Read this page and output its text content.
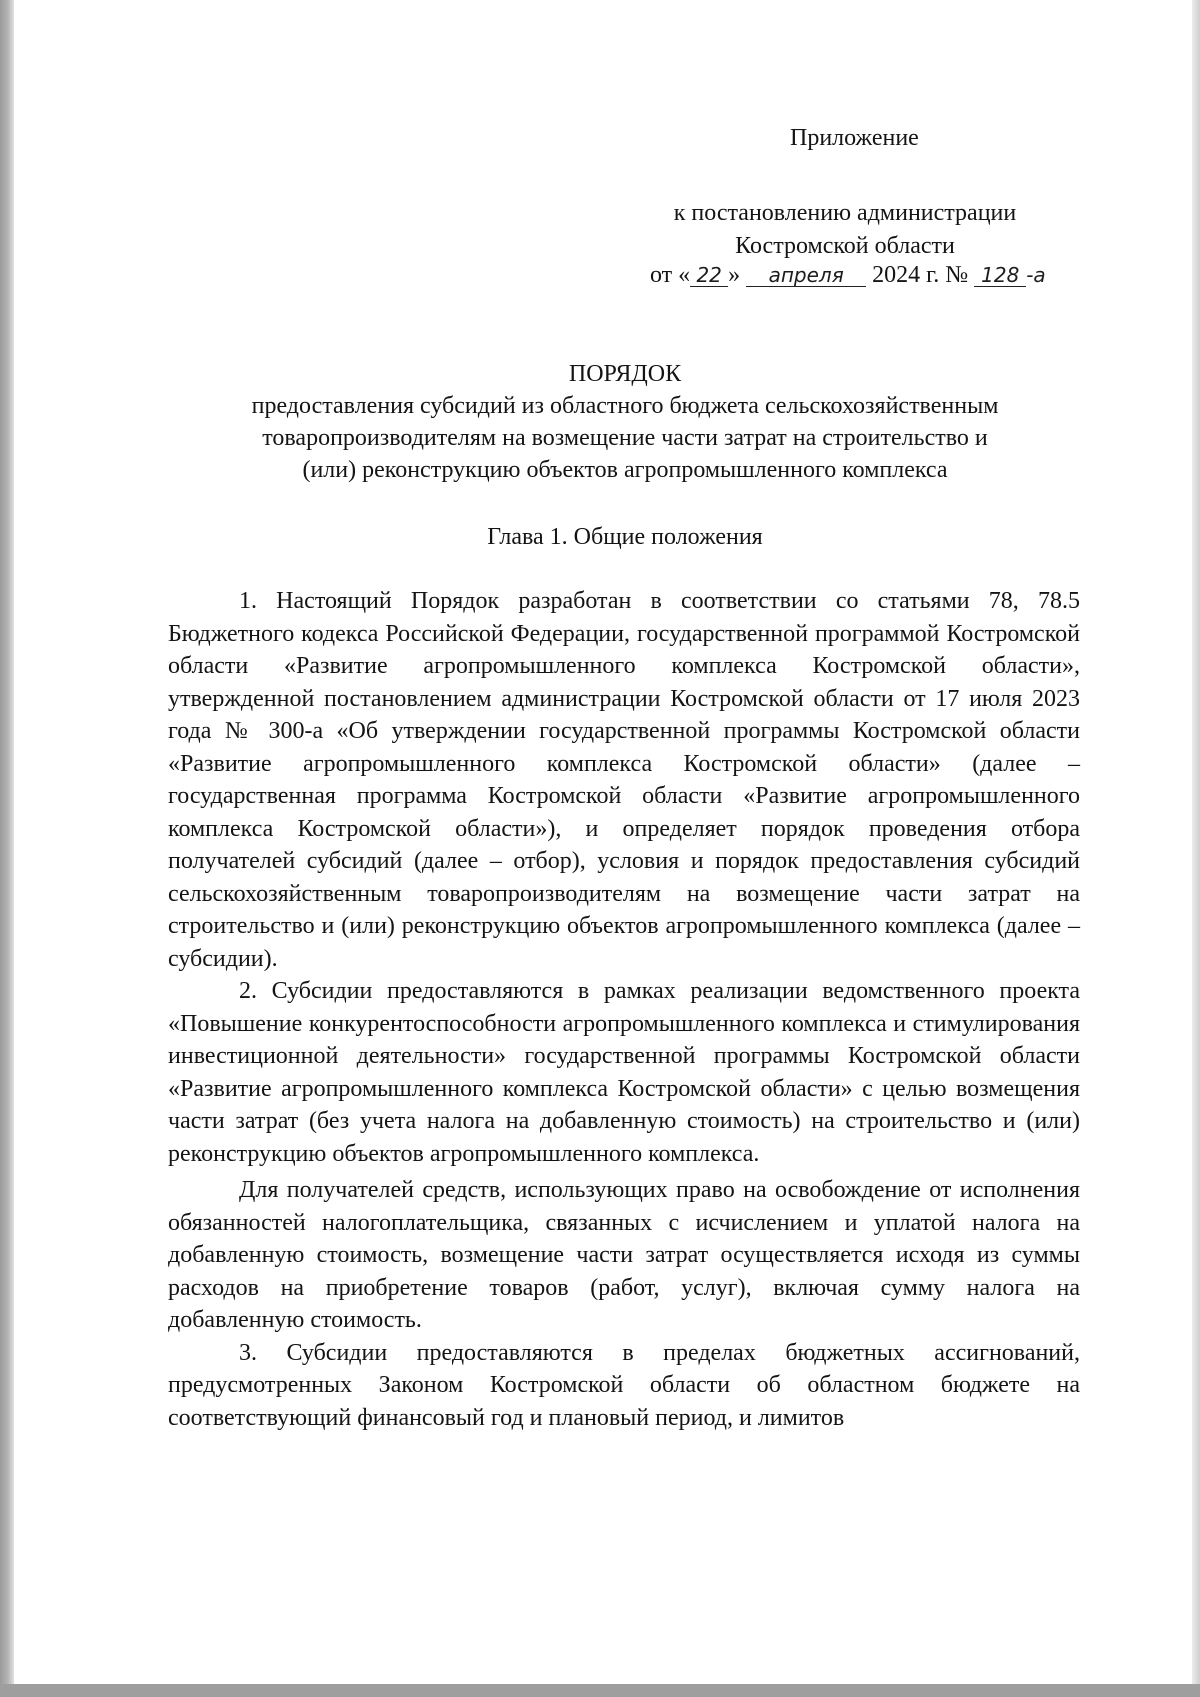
Приложение
к постановлению администрации
Костромской области
от « 22 » апреля 2024 г. № 128 -а
ПОРЯДОК
предоставления субсидий из областного бюджета сельскохозяйственным
товаропроизводителям на возмещение части затрат на строительство и
(или) реконструкцию объектов агропромышленного комплекса
Глава 1. Общие положения

1. Настоящий Порядок разработан в соответствии со статьями 78, 78.5 Бюджетного кодекса Российской Федерации, государственной программой Костромской области «Развитие агропромышленного комплекса Костромской области», утвержденной постановлением администрации Костромской области от 17 июля 2023 года № 300-а «Об утверждении государственной программы Костромской области «Развитие агропромышленного комплекса Костромской области» (далее – государственная программа Костромской области «Развитие агропромышленного комплекса Костромской области»), и определяет порядок проведения отбора получателей субсидий (далее – отбор), условия и порядок предоставления субсидий сельскохозяйственным товаропроизводителям на возмещение части затрат на строительство и (или) реконструкцию объектов агропромышленного комплекса (далее – субсидии).

2. Субсидии предоставляются в рамках реализации ведомственного проекта «Повышение конкурентоспособности агропромышленного комплекса и стимулирования инвестиционной деятельности» государственной программы Костромской области «Развитие агропромышленного комплекса Костромской области» с целью возмещения части затрат (без учета налога на добавленную стоимость) на строительство и (или) реконструкцию объектов агропромышленного комплекса.

Для получателей средств, использующих право на освобождение от исполнения обязанностей налогоплательщика, связанных с исчислением и уплатой налога на добавленную стоимость, возмещение части затрат осуществляется исходя из суммы расходов на приобретение товаров (работ, услуг), включая сумму налога на добавленную стоимость.

3. Субсидии предоставляются в пределах бюджетных ассигнований, предусмотренных Законом Костромской области об областном бюджете на соответствующий финансовый год и плановый период, и лимитов
